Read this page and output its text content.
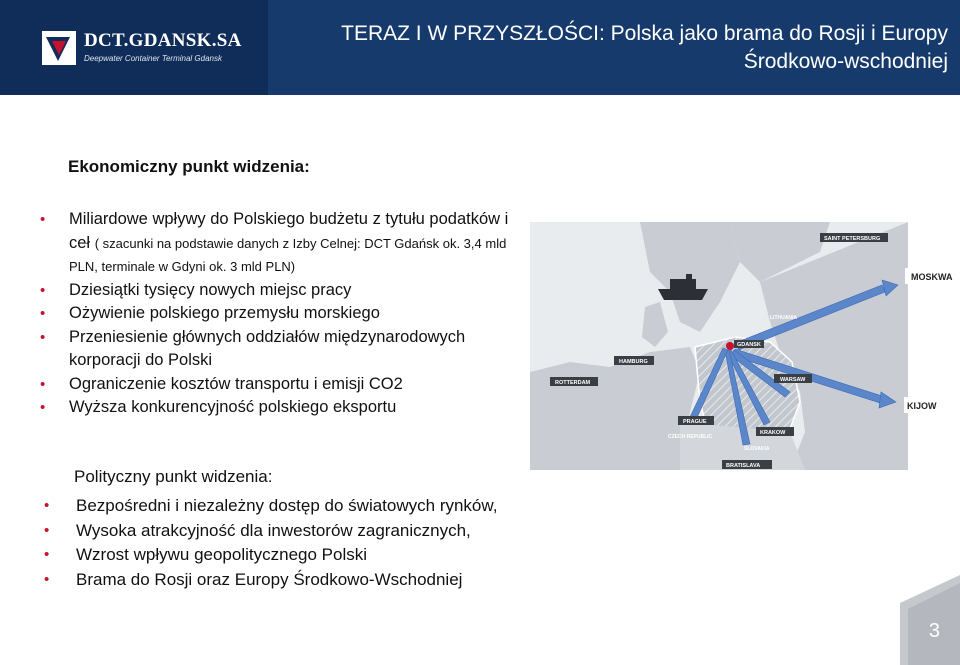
DCT.GDANSK.SA
Deepwater Container Terminal Gdansk
TERAZ I W PRZYSZŁOŚCI: Polska jako brama do Rosji i Europy
Środkowo-wschodniej
Ekonomiczny punkt widzenia:
• Miliardowe wpływy do Polskiego budżetu z tytułu podatków i ceł ( szacunki na podstawie danych z Izby Celnej: DCT Gdańsk ok. 3,4 mld PLN, terminale w Gdyni ok. 3 mld PLN)
• Dziesiątki tysięcy nowych miejsc pracy
• Ożywienie polskiego przemysłu morskiego
• Przeniesienie głównych oddziałów międzynarodowych korporacji do Polski
• Ograniczenie kosztów transportu i emisji CO2
• Wyższa konkurencyjność polskiego eksportu
Polityczny punkt widzenia:
• Bezpośredni i niezależny dostęp do światowych rynków,
• Wysoka atrakcyjność dla inwestorów zagranicznych,
• Wzrost wpływu geopolitycznego Polski
• Brama do Rosji oraz Europy Środkowo-Wschodniej
SAINT PETERSBURG
GDANSK
HAMBURG
ROTTERDAM	WARSAW
PRAGUE
KRAKOW
BRATISLAVA
LITHUANIA
CZECH REPUBLIC
SLOVAKIA
MOSKWA
KIJOW
3
